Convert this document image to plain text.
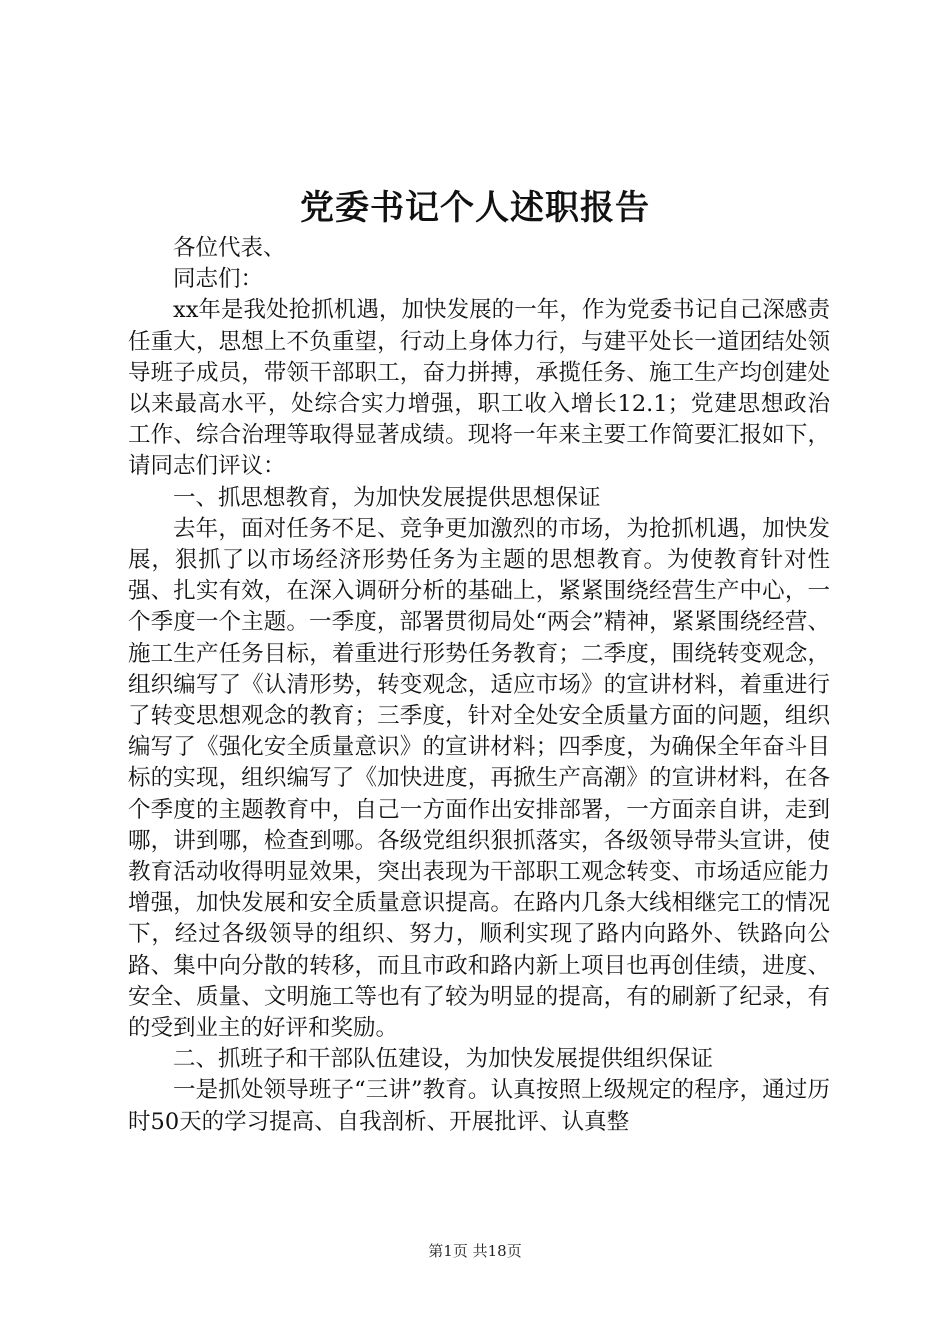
党委书记个人述职报告

各位代表、

同志们：

xx年是我处抢抓机遇，加快发展的一年，作为党委书记自己深感责任重大，思想上不负重望，行动上身体力行，与建平处长一道团结处领导班子成员，带领干部职工，奋力拼搏，承揽任务、施工生产均创建处以来最高水平，处综合实力增强，职工收入增长12.1；党建思想政治工作、综合治理等取得显著成绩。现将一年来主要工作简要汇报如下，请同志们评议：

一、抓思想教育，为加快发展提供思想保证

去年，面对任务不足、竞争更加激烈的市场，为抢抓机遇，加快发展，狠抓了以市场经济形势任务为主题的思想教育。为使教育针对性强、扎实有效，在深入调研分析的基础上，紧紧围绕经营生产中心，一个季度一个主题。一季度，部署贯彻局处“两会”精神，紧紧围绕经营、施工生产任务目标，着重进行形势任务教育；二季度，围绕转变观念，组织编写了《认清形势，转变观念，适应市场》的宣讲材料，着重进行了转变思想观念的教育；三季度，针对全处安全质量方面的问题，组织编写了《强化安全质量意识》的宣讲材料；四季度，为确保全年奋斗目标的实现，组织编写了《加快进度，再掀生产高潮》的宣讲材料，在各个季度的主题教育中，自己一方面作出安排部署，一方面亲自讲，走到哪，讲到哪，检查到哪。各级党组织狠抓落实，各级领导带头宣讲，使教育活动收得明显效果，突出表现为干部职工观念转变、市场适应能力增强，加快发展和安全质量意识提高。在路内几条大线相继完工的情况下，经过各级领导的组织、努力，顺利实现了路内向路外、铁路向公路、集中向分散的转移，而且市政和路内新上项目也再创佳绩，进度、安全、质量、文明施工等也有了较为明显的提高，有的刷新了纪录，有的受到业主的好评和奖励。

二、抓班子和干部队伍建设，为加快发展提供组织保证

一是抓处领导班子“三讲”教育。认真按照上级规定的程序，通过历时50天的学习提高、自我剖析、开展批评、认真整

第1页 共18页
